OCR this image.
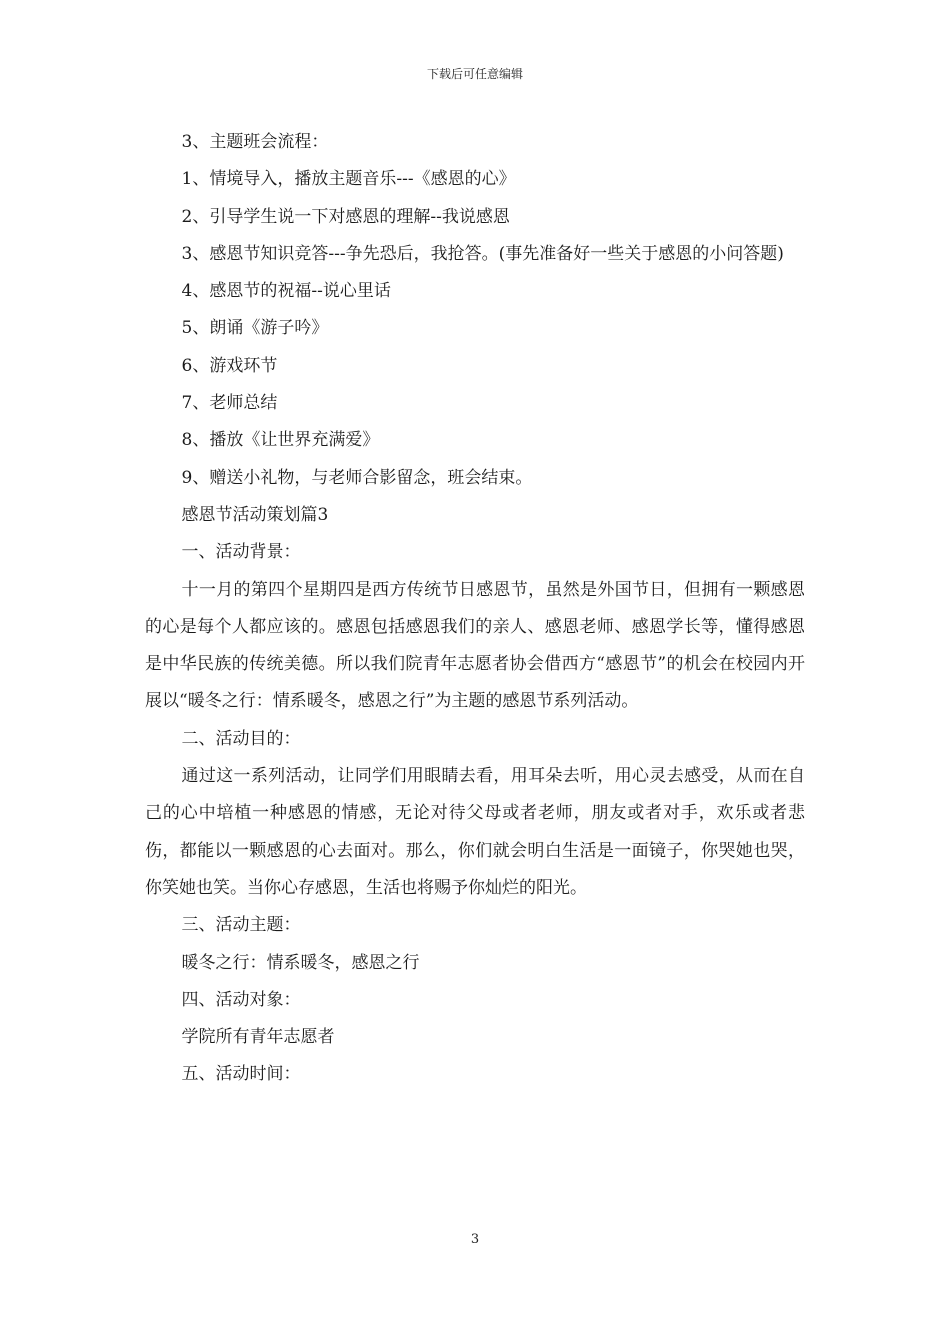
下载后可任意编辑

3、主题班会流程：

1、情境导入，播放主题音乐---《感恩的心》

2、引导学生说一下对感恩的理解--我说感恩

3、感恩节知识竞答---争先恐后，我抢答。(事先准备好一些关于感恩的小问答题)

4、感恩节的祝福--说心里话

5、朗诵《游子吟》

6、游戏环节

7、老师总结

8、播放《让世界充满爱》

9、赠送小礼物，与老师合影留念，班会结束。

感恩节活动策划篇3

一、活动背景：

十一月的第四个星期四是西方传统节日感恩节，虽然是外国节日，但拥有一颗感恩的心是每个人都应该的。感恩包括感恩我们的亲人、感恩老师、感恩学长等，懂得感恩是中华民族的传统美德。所以我们院青年志愿者协会借西方“感恩节”的机会在校园内开展以“暖冬之行：情系暖冬，感恩之行”为主题的感恩节系列活动。

二、活动目的：

通过这一系列活动，让同学们用眼睛去看，用耳朵去听，用心灵去感受，从而在自己的心中培植一种感恩的情感，无论对待父母或者老师，朋友或者对手，欢乐或者悲伤，都能以一颗感恩的心去面对。那么，你们就会明白生活是一面镜子，你哭她也哭，你笑她也笑。当你心存感恩，生活也将赐予你灿烂的阳光。

三、活动主题：

暖冬之行：情系暖冬，感恩之行

四、活动对象：

学院所有青年志愿者

五、活动时间：

3
